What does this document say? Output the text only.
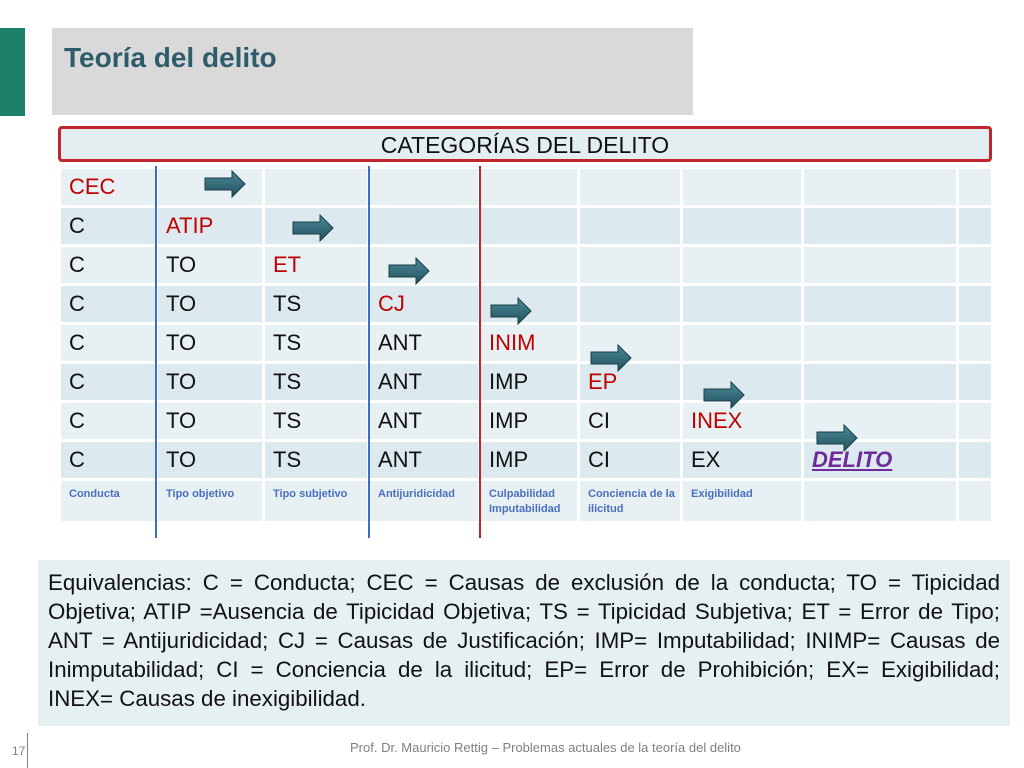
Teoría del delito
CATEGORÍAS DEL DELITO
CEC								
C	ATIP							
C	TO	ET						
C	TO	TS	CJ					
C	TO	TS	ANT	INIM				
C	TO	TS	ANT	IMP	EP			
C	TO	TS	ANT	IMP	CI	INEX		
C	TO	TS	ANT	IMP	CI	EX	DELITO	
Conducta	Tipo objetivo	Tipo subjetivo	Antijuridicidad	Culpabilidad Imputabilidad	Conciencia de la ilicitud	Exigibilidad		
Equivalencias: C = Conducta; CEC = Causas de exclusión de la conducta; TO = Tipicidad Objetiva; ATIP =Ausencia de Tipicidad Objetiva; TS = Tipicidad Subjetiva; ET = Error de Tipo; ANT = Antijuridicidad; CJ = Causas de Justificación; IMP= Imputabilidad; INIMP= Causas de Inimputabilidad; CI = Conciencia de la ilicitud; EP= Error de Prohibición; EX= Exigibilidad; INEX= Causas de inexigibilidad.
17	Prof. Dr. Mauricio Rettig – Problemas actuales de la teoría del delito
